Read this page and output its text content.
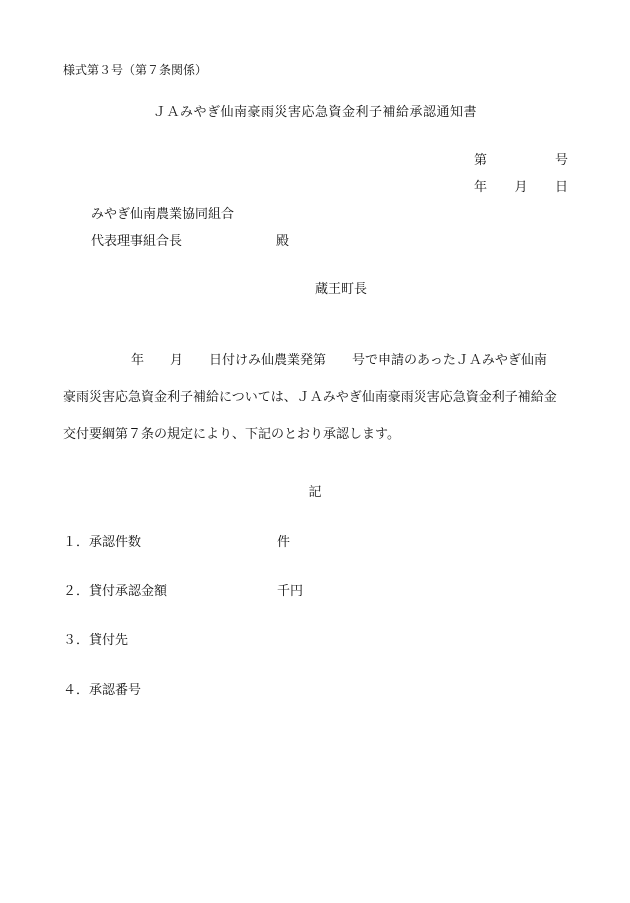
様式第３号（第７条関係）
ＪＡみやぎ仙南豪雨災害応急資金利子補給承認通知書
第	号
年 月 日
みやぎ仙南農業協同組合
代表理事組合長	殿
蔵王町長
年　　月　　日付けみ仙農業発第　　号で申請のあったＪＡみやぎ仙南
豪雨災害応急資金利子補給については、ＪＡみやぎ仙南豪雨災害応急資金利子補給金
交付要綱第７条の規定により、下記のとおり承認します。
記
１． 承認件数	件
２． 貸付承認金額	千円
３． 貸付先
４． 承認番号
